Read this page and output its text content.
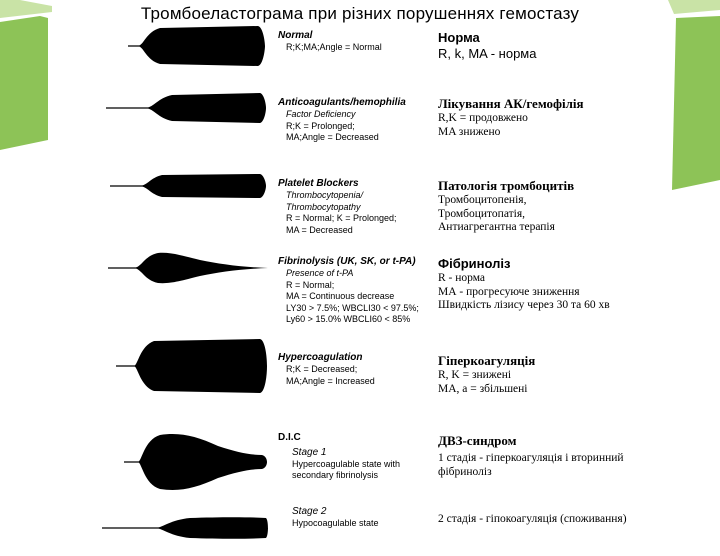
Тромбоеластограма при різних порушеннях гемостазу
Normal
R;K;MA;Angle = Normal
Норма
R, k, MA - норма
Anticoagulants/hemophilia
Factor Deficiency
R;K = Prolonged;
MA;Angle = Decreased
Лікування АК/гемофілія
R,K = продовжено
MA знижено
Platelet Blockers
Thrombocytopenia/
Thrombocytopathy
R = Normal; K = Prolonged;
MA = Decreased
Патологія тромбоцитів
Тромбоцитопенія,
Тромбоцитопатія,
Антиагрегантна терапія
Fibrinolysis (UK, SK, or t-PA)
Presence of t-PA
R = Normal;
MA = Continuous decrease
LY30 > 7.5%; WBCLI30 < 97.5%;
Ly60 > 15.0% WBCLI60 < 85%
Фібриноліз
R - норма
МА - прогресуюче зниження
Швидкість лізису через 30 та 60 хв
Hypercoagulation
R;K = Decreased;
MA;Angle = Increased
Гіперкоагуляція
R, K = знижені
MA, a = збільшені
D.I.C
Stage 1
Hypercoagulable state with
secondary fibrinolysis
ДВЗ-синдром
1 стадія - гіперкоагуляція і вторинний
фібриноліз
Stage 2
Hypocoagulable state	2 стадія - гіпокоагуляція (споживання)
